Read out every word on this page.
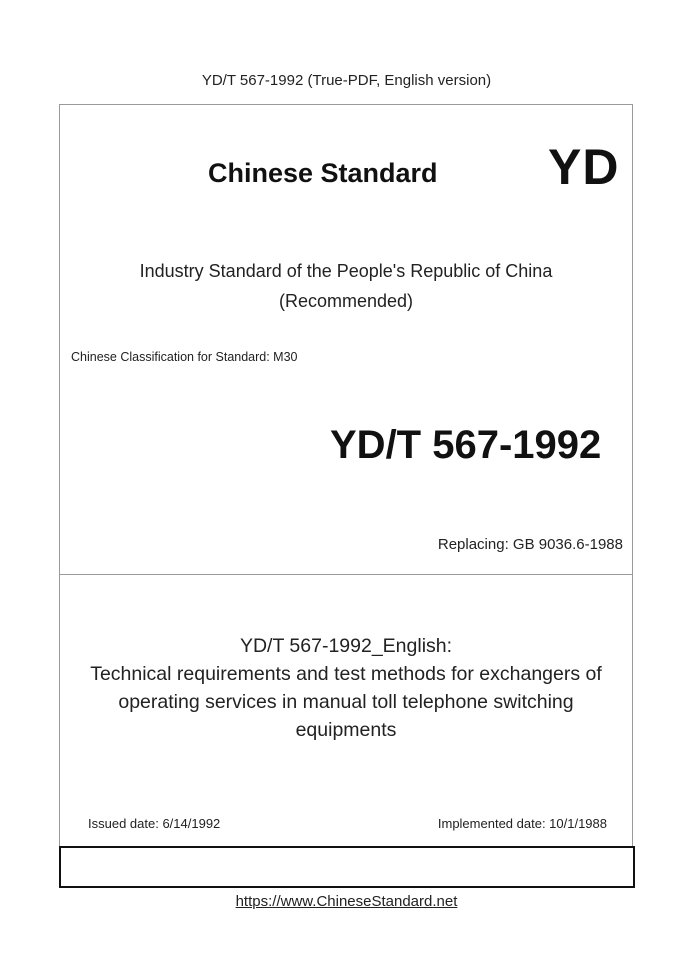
YD/T 567-1992 (True-PDF, English version)
Chinese Standard YD
Industry Standard of the People's Republic of China
(Recommended)
Chinese Classification for Standard: M30
YD/T 567-1992
Replacing: GB 9036.6-1988
YD/T 567-1992_English:
Technical requirements and test methods for exchangers of
operating services in manual toll telephone switching
equipments
Issued date: 6/14/1992	Implemented date: 10/1/1988
https://www.ChineseStandard.net
